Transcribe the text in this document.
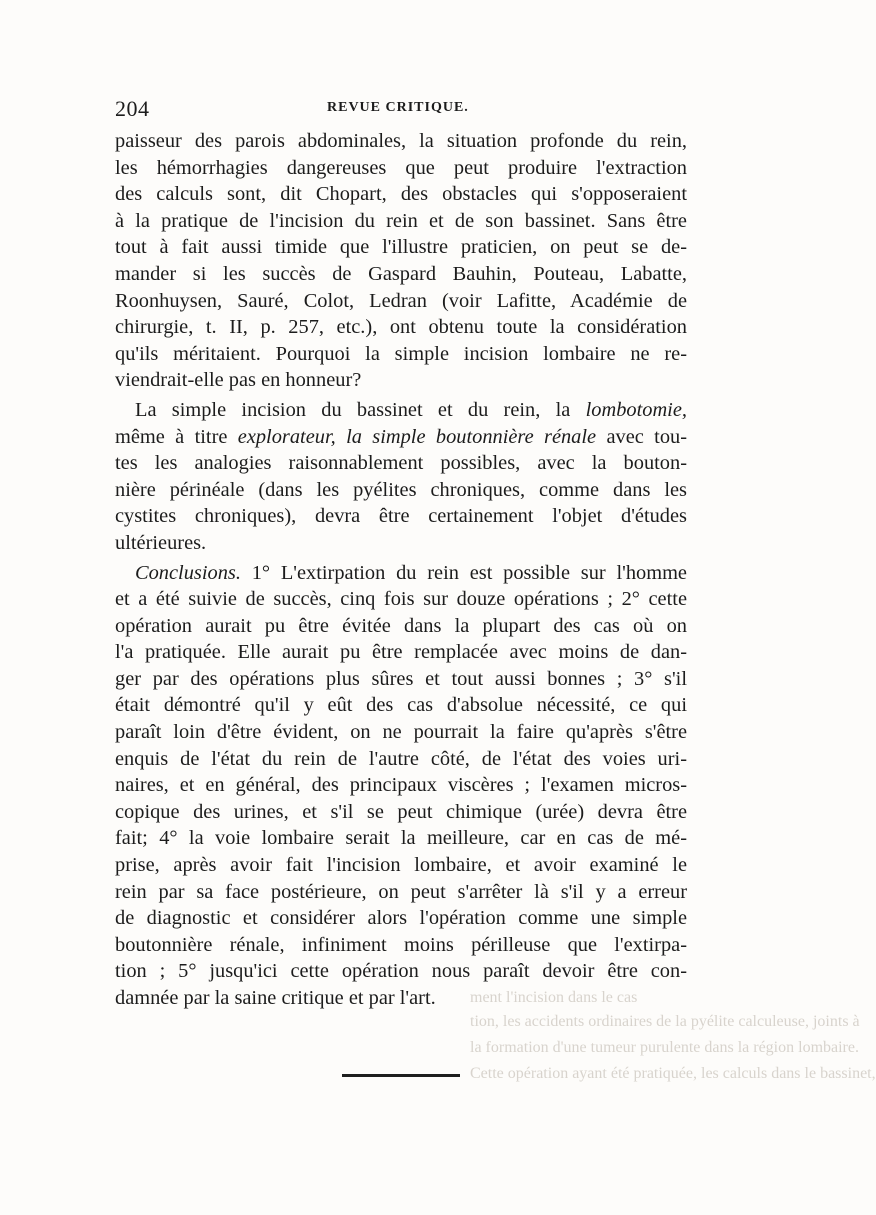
204	REVUE CRITIQUE.
paisseur des parois abdominales, la situation profonde du rein,
les hémorrhagies dangereuses que peut produire l'extraction
des calculs sont, dit Chopart, des obstacles qui s'opposeraient
à la pratique de l'incision du rein et de son bassinet. Sans être
tout à fait aussi timide que l'illustre praticien, on peut se de-
mander si les succès de Gaspard Bauhin, Pouteau, Labatte,
Roonhuysen, Sauré, Colot, Ledran (voir Lafitte, Académie de
chirurgie, t. II, p. 257, etc.), ont obtenu toute la considération
qu'ils méritaient. Pourquoi la simple incision lombaire ne re-
viendrait-elle pas en honneur?
La simple incision du bassinet et du rein, la lombotomie,
même à titre explorateur, la simple boutonnière rénale avec tou-
tes les analogies raisonnablement possibles, avec la bouton-
nière périnéale (dans les pyélites chroniques, comme dans les
cystites chroniques), devra être certainement l'objet d'études
ultérieures.
Conclusions. 1° L'extirpation du rein est possible sur l'homme
et a été suivie de succès, cinq fois sur douze opérations ; 2° cette
opération aurait pu être évitée dans la plupart des cas où on
l'a pratiquée. Elle aurait pu être remplacée avec moins de dan-
ger par des opérations plus sûres et tout aussi bonnes ; 3° s'il
était démontré qu'il y eût des cas d'absolue nécessité, ce qui
paraît loin d'être évident, on ne pourrait la faire qu'après s'être
enquis de l'état du rein de l'autre côté, de l'état des voies uri-
naires, et en général, des principaux viscères ; l'examen micros-
copique des urines, et s'il se peut chimique (urée) devra être
fait; 4° la voie lombaire serait la meilleure, car en cas de mé-
prise, après avoir fait l'incision lombaire, et avoir examiné le
rein par sa face postérieure, on peut s'arrêter là s'il y a erreur
de diagnostic et considérer alors l'opération comme une simple
boutonnière rénale, infiniment moins périlleuse que l'extirpa-
tion ; 5° jusqu'ici cette opération nous paraît devoir être con-
damnée par la saine critique et par l'art.	ment l'incision dans le cas
tion, les accidents ordinaires de la pyélite calculeuse, joints à
la formation d'une tumeur purulente dans la région lombaire.
Cette opération ayant été pratiquée, les calculs dans le bassinet,
